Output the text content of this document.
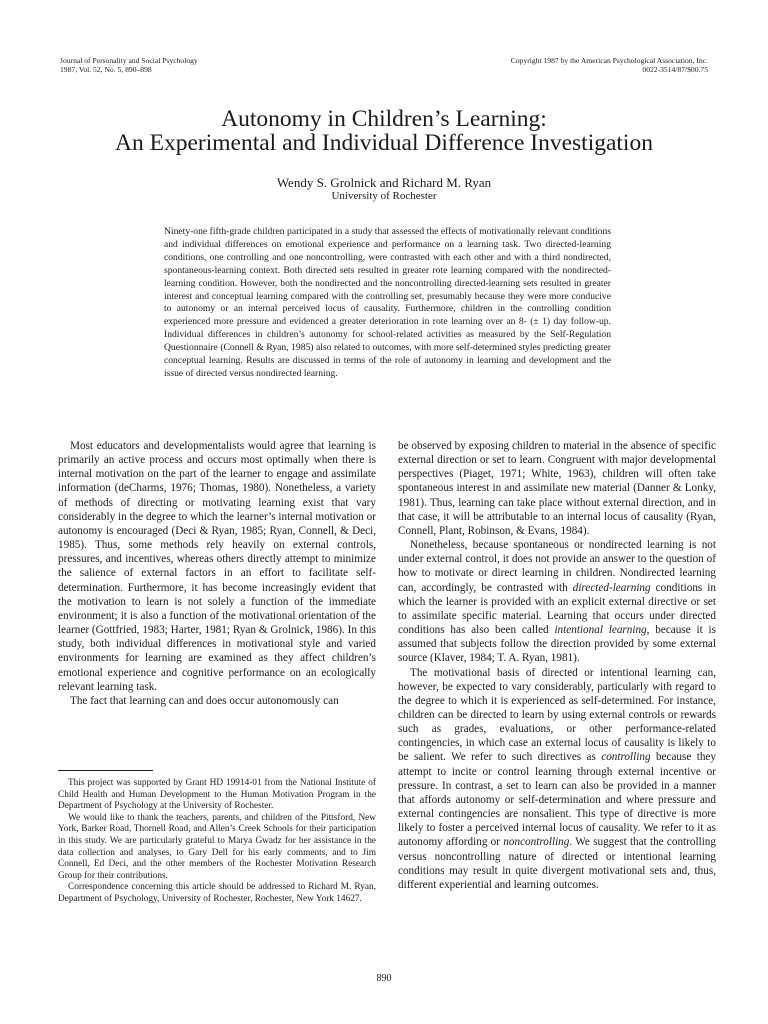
Journal of Personality and Social Psychology
1987, Vol. 52, No. 5, 890–898
Copyright 1987 by the American Psychological Association, Inc.
0022-3514/87/$00.75
Autonomy in Children’s Learning:
An Experimental and Individual Difference Investigation
Wendy S. Grolnick and Richard M. Ryan
University of Rochester
Ninety-one fifth-grade children participated in a study that assessed the effects of motivationally relevant conditions and individual differences on emotional experience and performance on a learning task. Two directed-learning conditions, one controlling and one noncontrolling, were contrasted with each other and with a third nondirected, spontaneous-learning context. Both directed sets resulted in greater rote learning compared with the nondirected-learning condition. However, both the nondirected and the noncontrolling directed-learning sets resulted in greater interest and conceptual learning compared with the controlling set, presumably because they were more conducive to autonomy or an internal perceived locus of causality. Furthermore, children in the controlling condition experienced more pressure and evidenced a greater deterioration in rote learning over an 8- (± 1) day follow-up. Individual differences in children’s autonomy for school-related activities as measured by the Self-Regulation Questionnaire (Connell & Ryan, 1985) also related to outcomes, with more self-determined styles predicting greater conceptual learning. Results are discussed in terms of the role of autonomy in learning and development and the issue of directed versus nondirected learning.

Most educators and developmentalists would agree that learning is primarily an active process and occurs most optimally when there is internal motivation on the part of the learner to engage and assimilate information (deCharms, 1976; Thomas, 1980). Nonetheless, a variety of methods of directing or motivating learning exist that vary considerably in the degree to which the learner’s internal motivation or autonomy is encouraged (Deci & Ryan, 1985; Ryan, Connell, & Deci, 1985). Thus, some methods rely heavily on external controls, pressures, and incentives, whereas others directly attempt to minimize the salience of external factors in an effort to facilitate self-determination. Furthermore, it has become increasingly evident that the motivation to learn is not solely a function of the immediate environment; it is also a function of the motivational orientation of the learner (Gottfried, 1983; Harter, 1981; Ryan & Grolnick, 1986). In this study, both individual differences in motivational style and varied environments for learning are examined as they affect children’s emotional experience and cognitive performance on an ecologically relevant learning task.

The fact that learning can and does occur autonomously can

This project was supported by Grant HD 19914-01 from the National Institute of Child Health and Human Development to the Human Motivation Program in the Department of Psychology at the University of Rochester.

We would like to thank the teachers, parents, and children of the Pittsford, New York, Barker Road, Thornell Road, and Allen’s Creek Schools for their participation in this study. We are particularly grateful to Marya Gwadz for her assistance in the data collection and analyses, to Gary Dell for his early comments, and to Jim Connell, Ed Deci, and the other members of the Rochester Motivation Research Group for their contributions.

Correspondence concerning this article should be addressed to Richard M. Ryan, Department of Psychology, University of Rochester, Rochester, New York 14627.

be observed by exposing children to material in the absence of specific external direction or set to learn. Congruent with major developmental perspectives (Piaget, 1971; White, 1963), children will often take spontaneous interest in and assimilate new material (Danner & Lonky, 1981). Thus, learning can take place without external direction, and in that case, it will be attributable to an internal locus of causality (Ryan, Connell, Plant, Robinson, & Evans, 1984).

Nonetheless, because spontaneous or nondirected learning is not under external control, it does not provide an answer to the question of how to motivate or direct learning in children. Nondirected learning can, accordingly, be contrasted with directed-learning conditions in which the learner is provided with an explicit external directive or set to assimilate specific material. Learning that occurs under directed conditions has also been called intentional learning, because it is assumed that subjects follow the direction provided by some external source (Klaver, 1984; T. A. Ryan, 1981).

The motivational basis of directed or intentional learning can, however, be expected to vary considerably, particularly with regard to the degree to which it is experienced as self-determined. For instance, children can be directed to learn by using external controls or rewards such as grades, evaluations, or other performance-related contingencies, in which case an external locus of causality is likely to be salient. We refer to such directives as controlling because they attempt to incite or control learning through external incentive or pressure. In contrast, a set to learn can also be provided in a manner that affords autonomy or self-determination and where pressure and external contingencies are nonsalient. This type of directive is more likely to foster a perceived internal locus of causality. We refer to it as autonomy affording or noncontrolling. We suggest that the controlling versus noncontrolling nature of directed or intentional learning conditions may result in quite divergent motivational sets and, thus, different experiential and learning outcomes.

890
